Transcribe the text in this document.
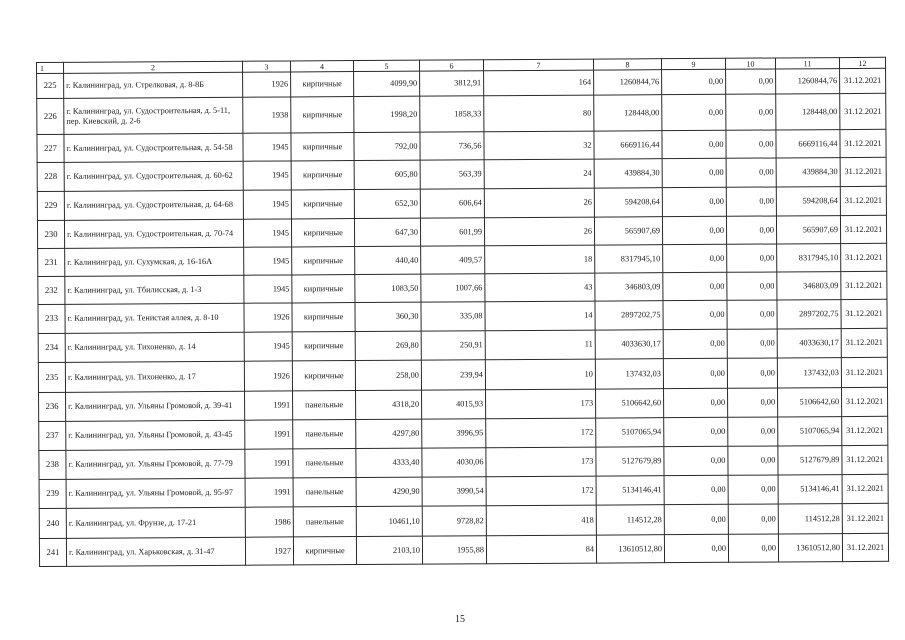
1	2	3	4	5	6	7	8	9	10	11	12
225	г. Калининград, ул. Стрелковая, д. 8-8Б	1926	кирпичные	4099,90	3812,91	164	1260844,76	0,00	0,00	1260844,76	31.12.2021
226	г. Калининград, ул. Судостроительная, д. 5-11, пер. Киевский, д. 2-6	1938	кирпичные	1998,20	1858,33	80	128448,00	0,00	0,00	128448,00	31.12.2021
227	г. Калининград, ул. Судостроительная, д. 54-58	1945	кирпичные	792,00	736,56	32	6669116,44	0,00	0,00	6669116,44	31.12.2021
228	г. Калининград, ул. Судостроительная, д. 60-62	1945	кирпичные	605,80	563,39	24	439884,30	0,00	0,00	439884,30	31.12.2021
229	г. Калининград, ул. Судостроительная, д. 64-68	1945	кирпичные	652,30	606,64	26	594208,64	0,00	0,00	594208,64	31.12.2021
230	г. Калининград, ул. Судостроительная, д. 70-74	1945	кирпичные	647,30	601,99	26	565907,69	0,00	0,00	565907,69	31.12.2021
231	г. Калининград, ул. Сухумская, д. 16-16А	1945	кирпичные	440,40	409,57	18	8317945,10	0,00	0,00	8317945,10	31.12.2021
232	г. Калининград, ул. Тбилисская, д. 1-3	1945	кирпичные	1083,50	1007,66	43	346803,09	0,00	0,00	346803,09	31.12.2021
233	г. Калининград, ул. Тенистая аллея, д. 8-10	1926	кирпичные	360,30	335,08	14	2897202,75	0,00	0,00	2897202,75	31.12.2021
234	г. Калининград, ул. Тихоненко, д. 14	1945	кирпичные	269,80	250,91	11	4033630,17	0,00	0,00	4033630,17	31.12.2021
235	г. Калининград, ул. Тихоненко, д. 17	1926	кирпичные	258,00	239,94	10	137432,03	0,00	0,00	137432,03	31.12.2021
236	г. Калининград, ул. Ульяны Громовой, д. 39-41	1991	панельные	4318,20	4015,93	173	5106642,60	0,00	0,00	5106642,60	31.12.2021
237	г. Калининград, ул. Ульяны Громовой, д. 43-45	1991	панельные	4297,80	3996,95	172	5107065,94	0,00	0,00	5107065,94	31.12.2021
238	г. Калининград, ул. Ульяны Громовой, д. 77-79	1991	панельные	4333,40	4030,06	173	5127679,89	0,00	0,00	5127679,89	31.12.2021
239	г. Калининград, ул. Ульяны Громовой, д. 95-97	1991	панельные	4290,90	3990,54	172	5134146,41	0,00	0,00	5134146,41	31.12.2021
240	г. Калининград, ул. Фрунзе, д. 17-21	1986	панельные	10461,10	9728,82	418	114512,28	0,00	0,00	114512,28	31.12.2021
241	г. Калининград, ул. Харьковская, д. 31-47	1927	кирпичные	2103,10	1955,88	84	13610512,80	0,00	0,00	13610512,80	31.12.2021
15
